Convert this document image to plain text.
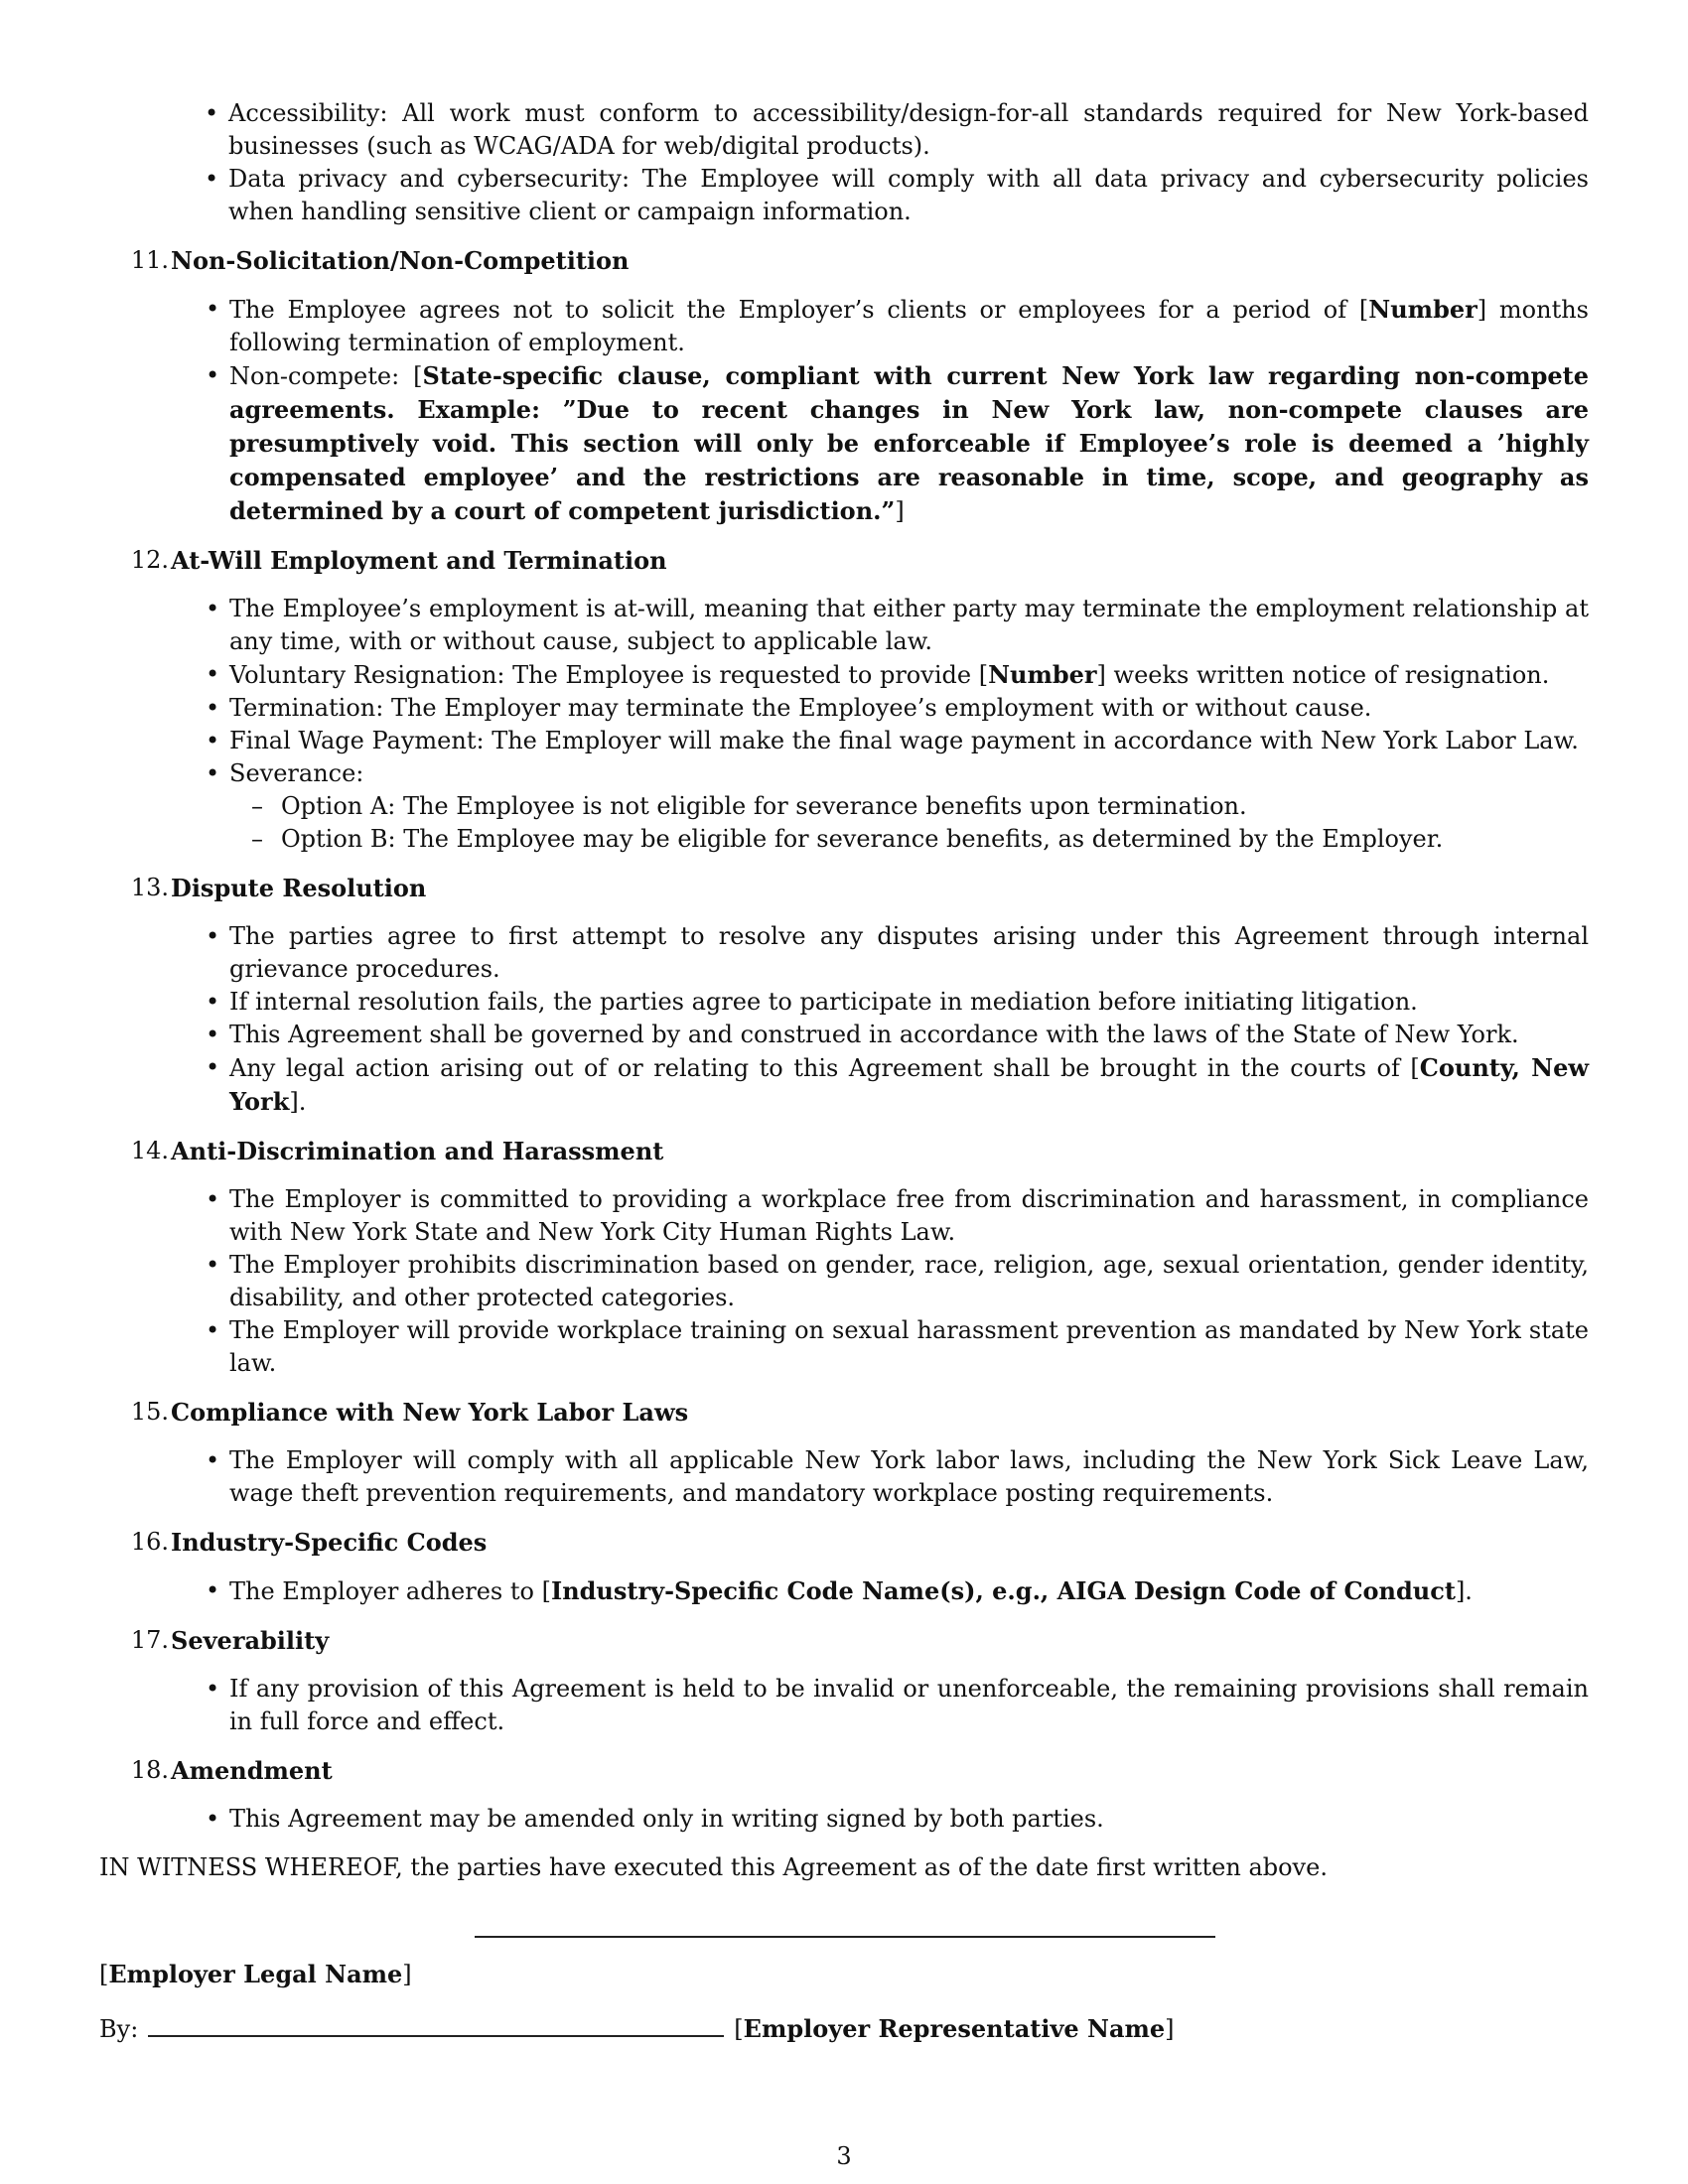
• Accessibility: All work must conform to accessibility/design-for-all standards required for New York-based businesses (such as WCAG/ADA for web/digital products).
• Data privacy and cybersecurity: The Employee will comply with all data privacy and cybersecurity policies when handling sensitive client or campaign information.
11. Non-Solicitation/Non-Competition
• The Employee agrees not to solicit the Employer’s clients or employees for a period of [Number] months following termination of employment.
• Non-compete: [State-specific clause, compliant with current New York law regarding non-compete agreements. Example: ”Due to recent changes in New York law, non-compete clauses are presumptively void. This section will only be enforceable if Employee’s role is deemed a ’highly compensated employee’ and the restrictions are reasonable in time, scope, and geography as determined by a court of competent jurisdiction.”]
12. At-Will Employment and Termination
• The Employee’s employment is at-will, meaning that either party may terminate the employment relationship at any time, with or without cause, subject to applicable law.
• Voluntary Resignation: The Employee is requested to provide [Number] weeks written notice of resignation.
• Termination: The Employer may terminate the Employee’s employment with or without cause.
• Final Wage Payment: The Employer will make the final wage payment in accordance with New York Labor Law.
• Severance:
– Option A: The Employee is not eligible for severance benefits upon termination.
– Option B: The Employee may be eligible for severance benefits, as determined by the Employer.
13. Dispute Resolution
• The parties agree to first attempt to resolve any disputes arising under this Agreement through internal grievance procedures.
• If internal resolution fails, the parties agree to participate in mediation before initiating litigation.
• This Agreement shall be governed by and construed in accordance with the laws of the State of New York.
• Any legal action arising out of or relating to this Agreement shall be brought in the courts of [County, New York].
14. Anti-Discrimination and Harassment
• The Employer is committed to providing a workplace free from discrimination and harassment, in compliance with New York State and New York City Human Rights Law.
• The Employer prohibits discrimination based on gender, race, religion, age, sexual orientation, gender identity, disability, and other protected categories.
• The Employer will provide workplace training on sexual harassment prevention as mandated by New York state law.
15. Compliance with New York Labor Laws
• The Employer will comply with all applicable New York labor laws, including the New York Sick Leave Law, wage theft prevention requirements, and mandatory workplace posting requirements.
16. Industry-Specific Codes
• The Employer adheres to [Industry-Specific Code Name(s), e.g., AIGA Design Code of Conduct].
17. Severability
• If any provision of this Agreement is held to be invalid or unenforceable, the remaining provisions shall remain in full force and effect.
18. Amendment
• This Agreement may be amended only in writing signed by both parties.
IN WITNESS WHEREOF, the parties have executed this Agreement as of the date first written above.
[Employer Legal Name]
By:	[Employer Representative Name]
3
